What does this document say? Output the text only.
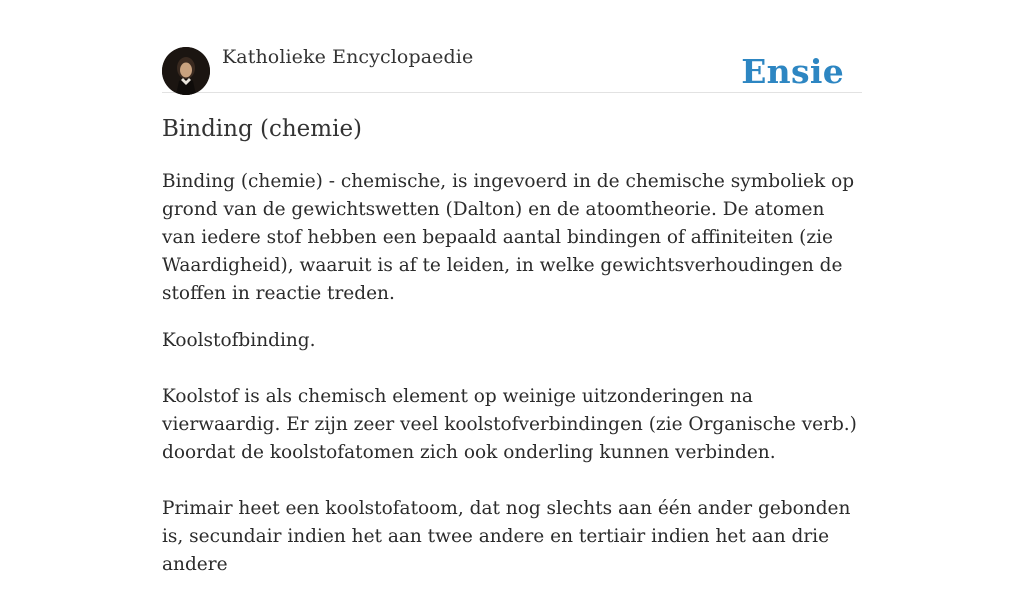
Katholieke Encyclopaedie	Ensie
Binding (chemie)

Binding (chemie) - chemische, is ingevoerd in de chemische symboliek op grond van de gewichtswetten (Dalton) en de atoomtheorie. De atomen van iedere stof hebben een bepaald aantal bindingen of affiniteiten (zie Waardigheid), waaruit is af te leiden, in welke gewichtsverhoudingen de stoffen in reactie treden.

Koolstofbinding.

Koolstof is als chemisch element op weinige uitzonderingen na vierwaardig. Er zijn zeer veel koolstofverbindingen (zie Organische verb.) doordat de koolstofatomen zich ook onderling kunnen verbinden.

Primair heet een koolstofatoom, dat nog slechts aan één ander gebonden is, secundair indien het aan twee andere en tertiair indien het aan drie andere
